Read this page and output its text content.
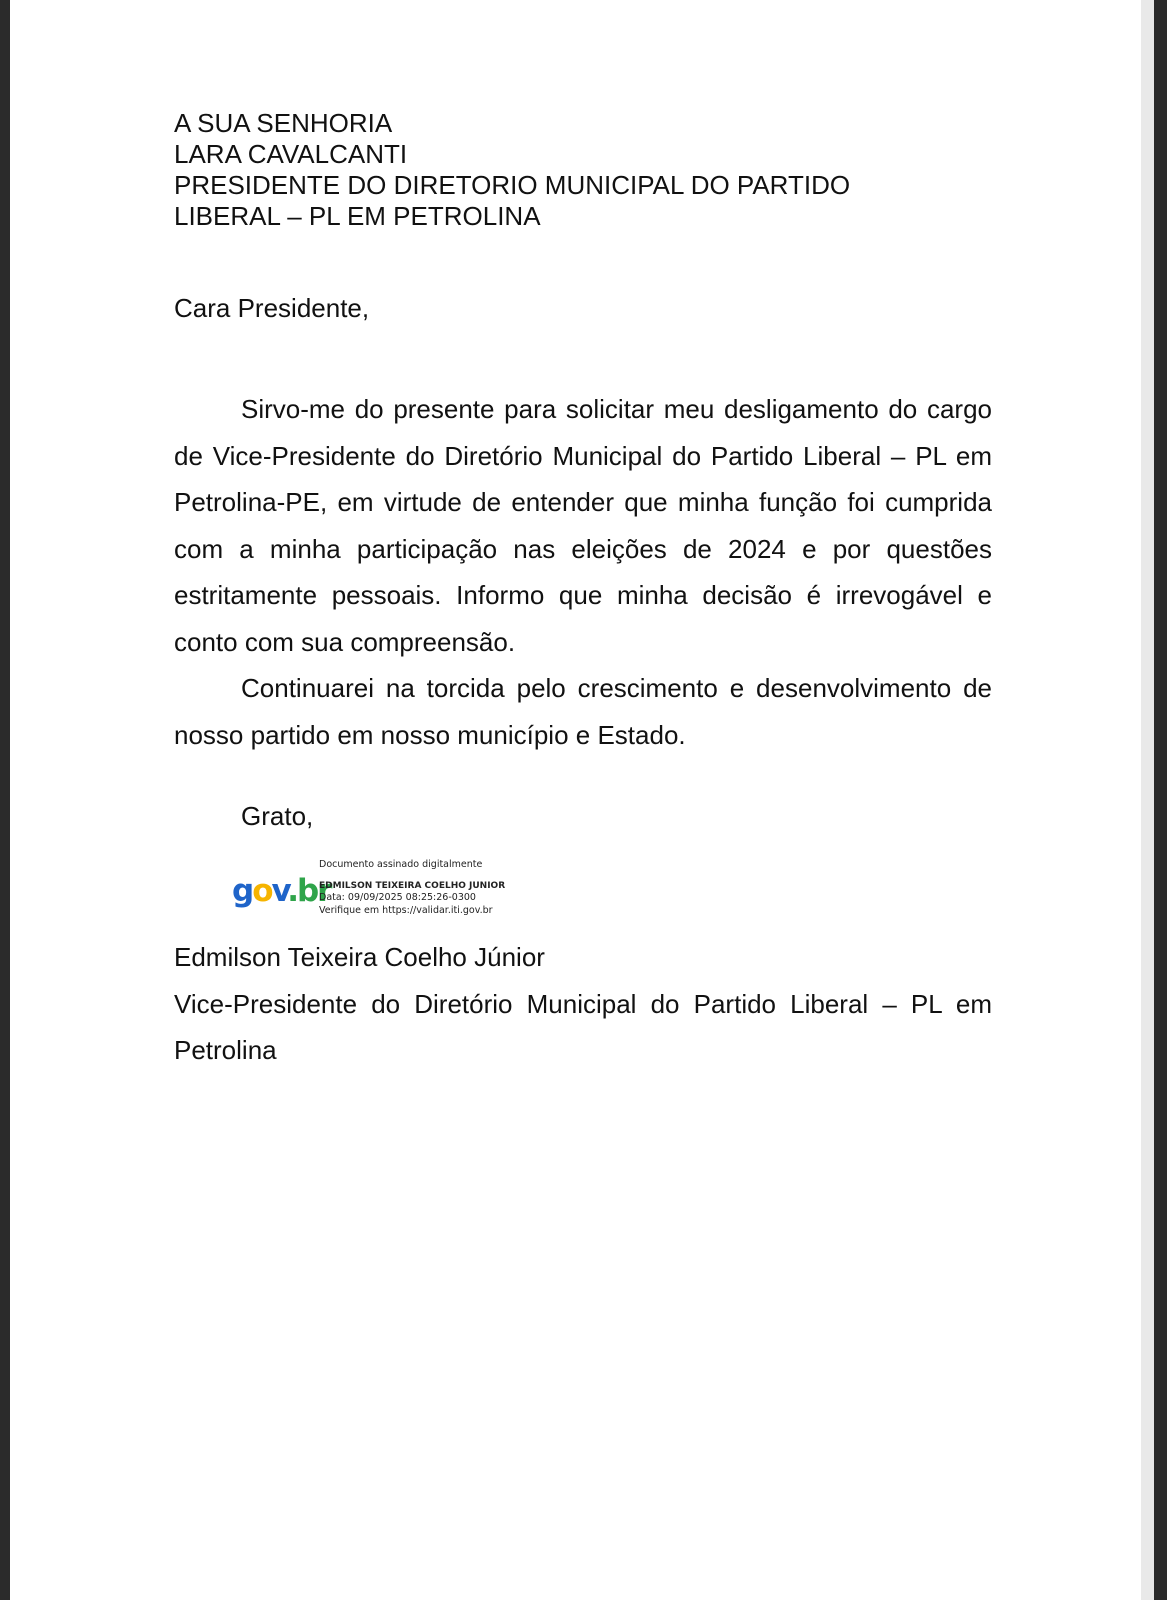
A SUA SENHORIA
LARA CAVALCANTI
PRESIDENTE DO DIRETORIO MUNICIPAL DO PARTIDO
LIBERAL – PL EM PETROLINA
Cara Presidente,

Sirvo-me do presente para solicitar meu desligamento do cargo de Vice-Presidente do Diretório Municipal do Partido Liberal – PL em Petrolina-PE, em virtude de entender que minha função foi cumprida com a minha participação nas eleições de 2024 e por questões estritamente pessoais. Informo que minha decisão é irrevogável e conto com sua compreensão.

Continuarei na torcida pelo crescimento e desenvolvimento de nosso partido em nosso município e Estado.

Grato,
gov.br
Documento assinado digitalmente
EDMILSON TEIXEIRA COELHO JUNIOR
Data: 09/09/2025 08:25:26-0300
Verifique em https://validar.iti.gov.br
Edmilson Teixeira Coelho Júnior
Vice-Presidente do Diretório Municipal do Partido Liberal – PL em Petrolina
